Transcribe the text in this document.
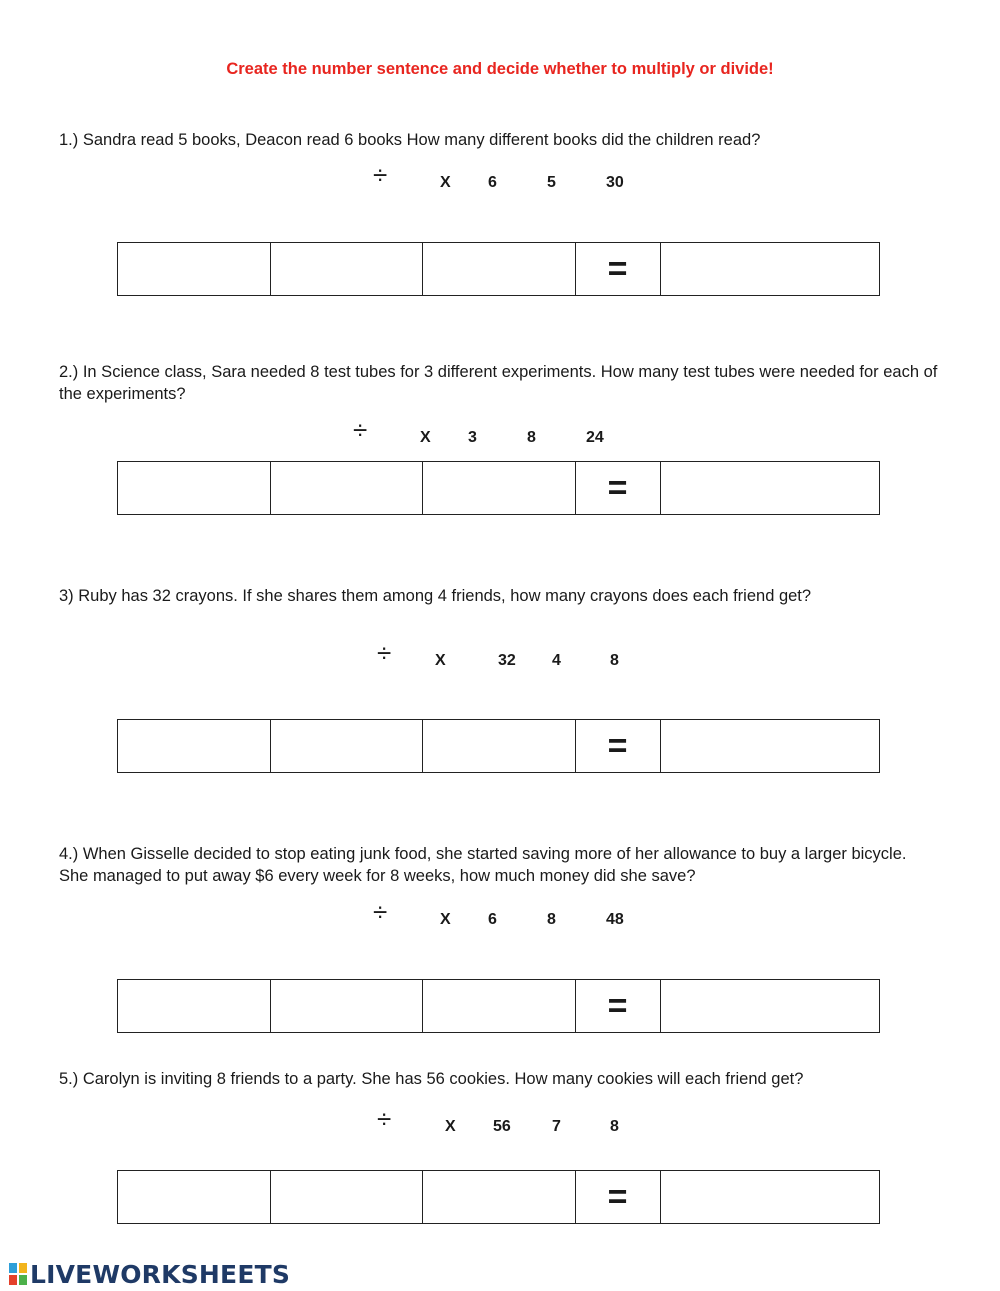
Create the number sentence and decide whether to multiply or divide!
1.) Sandra read 5 books, Deacon read 6 books How many different books did the children read?
÷	X 6	5	30
=
2.) In Science class, Sara needed 8 test tubes for 3 different experiments. How many test tubes were needed for each of the experiments?
÷	X 3	8	24
=
3) Ruby has 32 crayons. If she shares them among 4 friends, how many crayons does each friend get?
÷	X	32 4	8
=
4.) When Gisselle decided to stop eating junk food, she started saving more of her allowance to buy a larger bicycle. She managed to put away $6 every week for 8 weeks, how much money did she save?
÷	X 6	8	48
=
5.) Carolyn is inviting 8 friends to a party. She has 56 cookies. How many cookies will each friend get?
÷	X 56	7	8
=
LIVEWORKSHEETS
